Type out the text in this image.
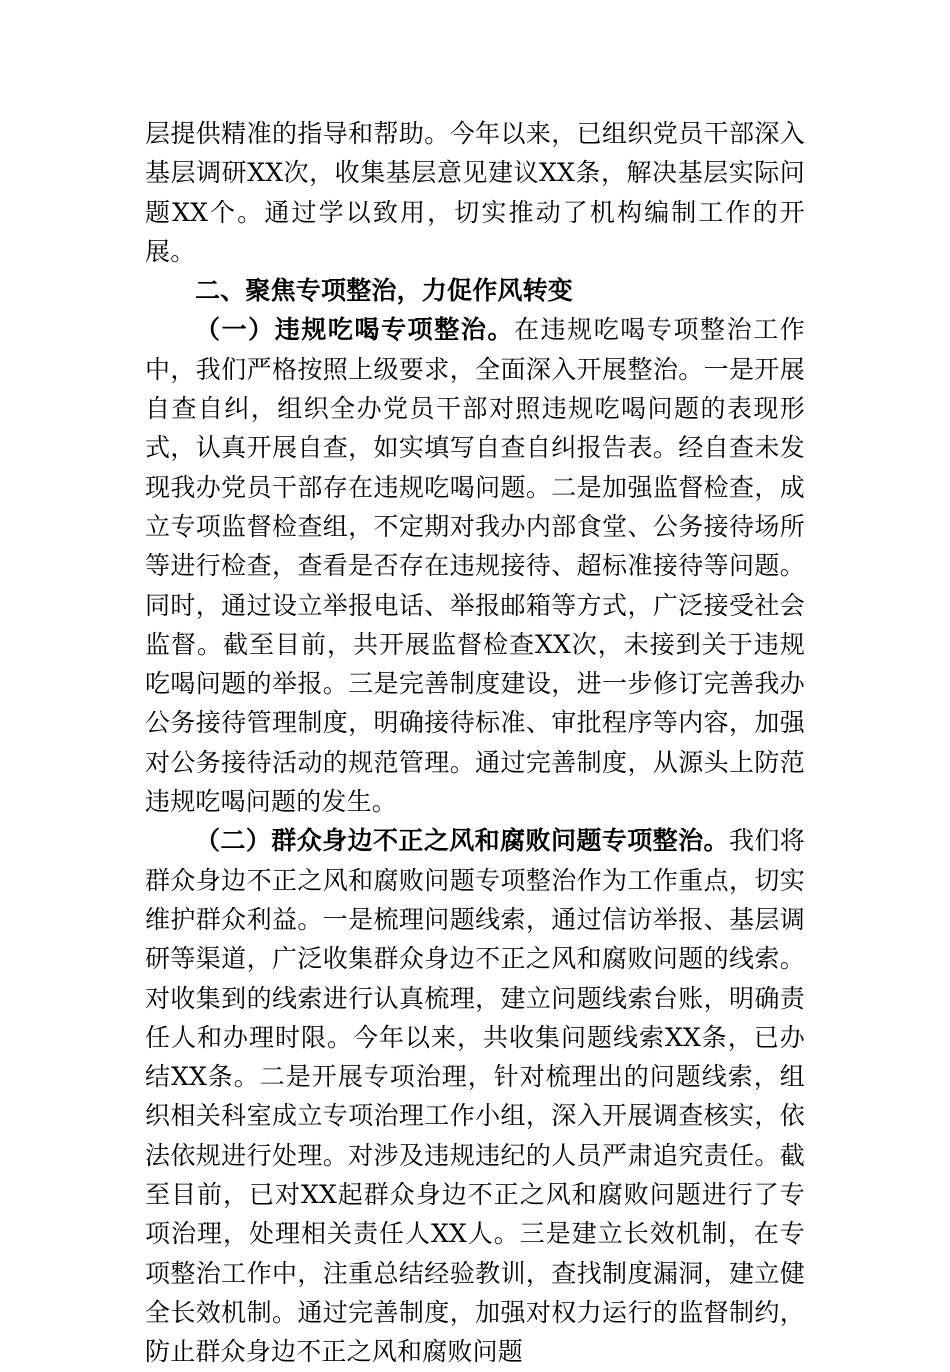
层提供精准的指导和帮助。今年以来，已组织党员干部深入基层调研XX次，收集基层意见建议XX条，解决基层实际问题XX个。通过学以致用，切实推动了机构编制工作的开展。

二、聚焦专项整治，力促作风转变

（一）违规吃喝专项整治。在违规吃喝专项整治工作中，我们严格按照上级要求，全面深入开展整治。一是开展自查自纠，组织全办党员干部对照违规吃喝问题的表现形式，认真开展自查，如实填写自查自纠报告表。经自查未发现我办党员干部存在违规吃喝问题。二是加强监督检查，成立专项监督检查组，不定期对我办内部食堂、公务接待场所等进行检查，查看是否存在违规接待、超标准接待等问题。同时，通过设立举报电话、举报邮箱等方式，广泛接受社会监督。截至目前，共开展监督检查XX次，未接到关于违规吃喝问题的举报。三是完善制度建设，进一步修订完善我办公务接待管理制度，明确接待标准、审批程序等内容，加强对公务接待活动的规范管理。通过完善制度，从源头上防范违规吃喝问题的发生。

（二）群众身边不正之风和腐败问题专项整治。我们将群众身边不正之风和腐败问题专项整治作为工作重点，切实维护群众利益。一是梳理问题线索，通过信访举报、基层调研等渠道，广泛收集群众身边不正之风和腐败问题的线索。对收集到的线索进行认真梳理，建立问题线索台账，明确责任人和办理时限。今年以来，共收集问题线索XX条，已办结XX条。二是开展专项治理，针对梳理出的问题线索，组织相关科室成立专项治理工作小组，深入开展调查核实，依法依规进行处理。对涉及违规违纪的人员严肃追究责任。截至目前，已对XX起群众身边不正之风和腐败问题进行了专项治理，处理相关责任人XX人。三是建立长效机制，在专项整治工作中，注重总结经验教训，查找制度漏洞，建立健全长效机制。通过完善制度，加强对权力运行的监督制约，防止群众身边不正之风和腐败问题
